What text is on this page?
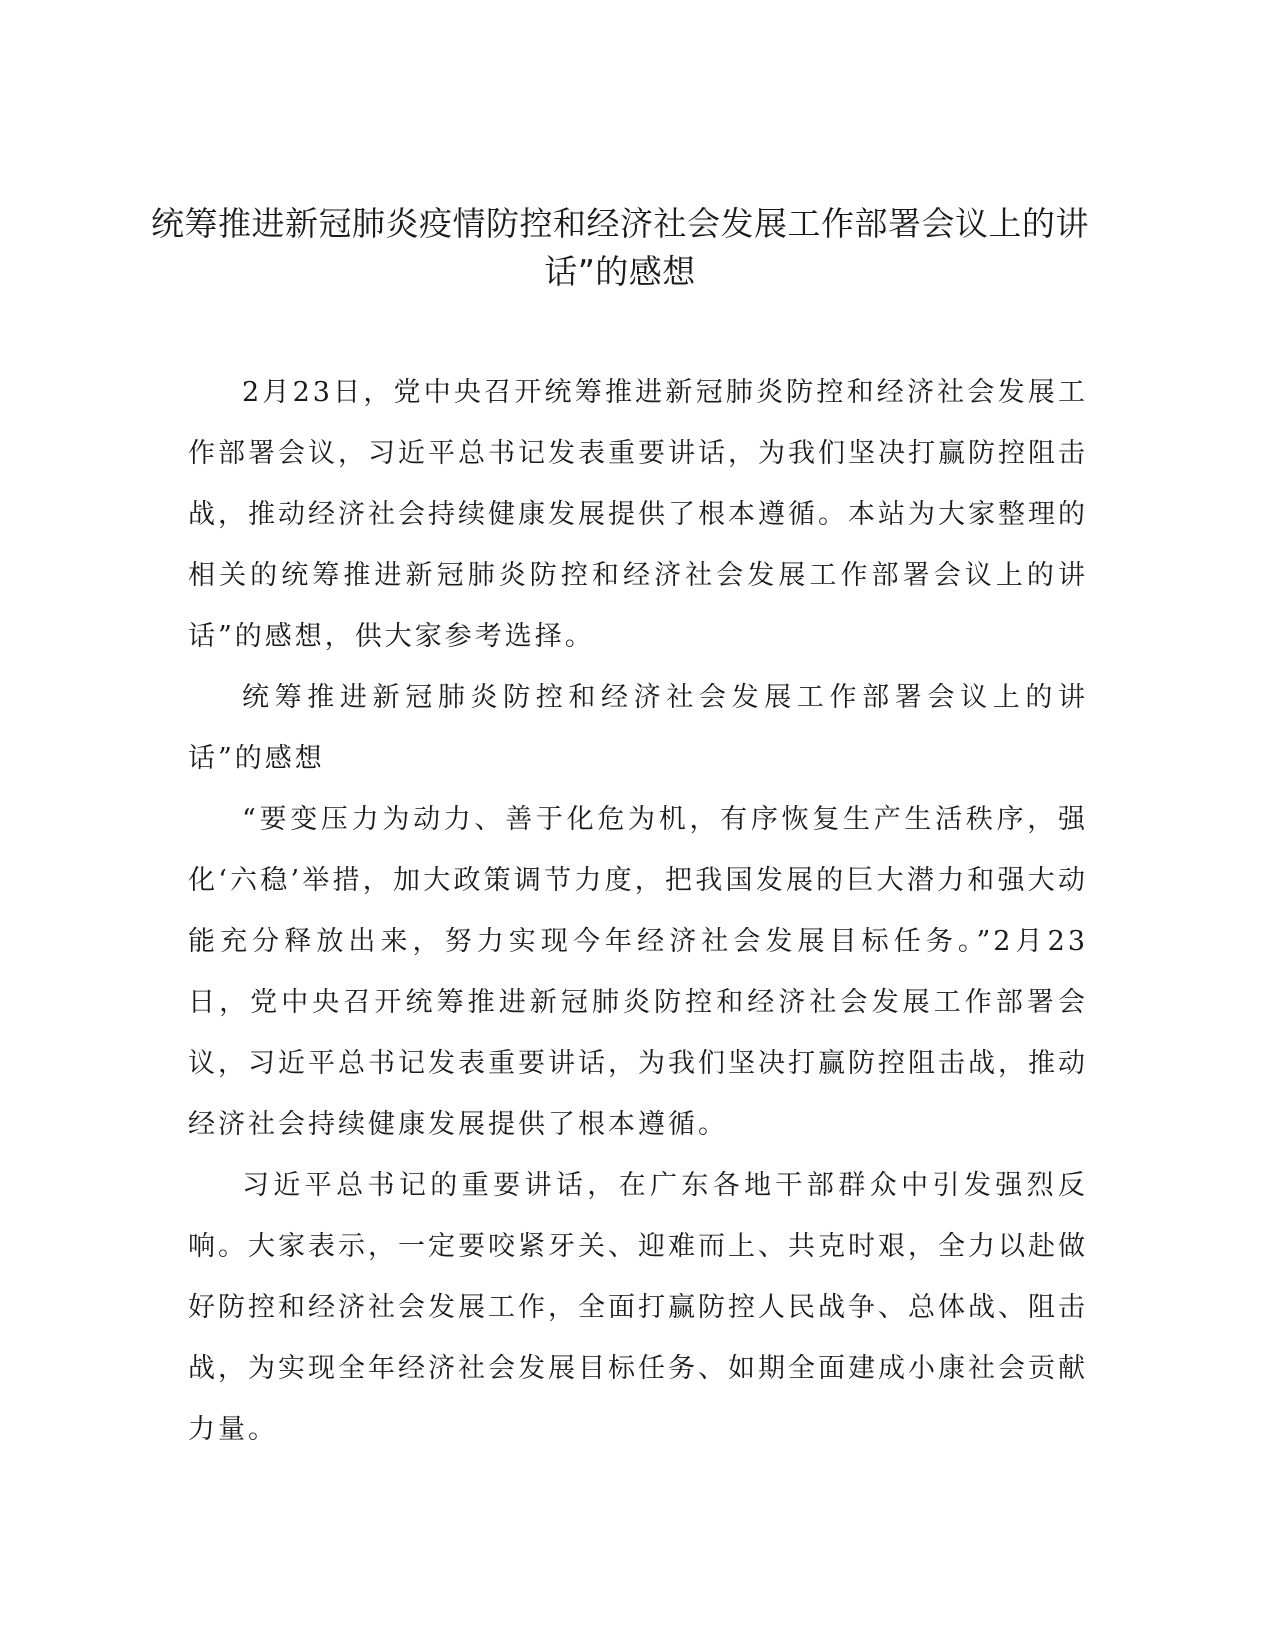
统筹推进新冠肺炎疫情防控和经济社会发展工作部署会议上的讲话”的感想

2月23日，党中央召开统筹推进新冠肺炎防控和经济社会发展工作部署会议，习近平总书记发表重要讲话，为我们坚决打赢防控阻击战，推动经济社会持续健康发展提供了根本遵循。本站为大家整理的相关的统筹推进新冠肺炎防控和经济社会发展工作部署会议上的讲话”的感想，供大家参考选择。

统筹推进新冠肺炎防控和经济社会发展工作部署会议上的讲话”的感想

“要变压力为动力、善于化危为机，有序恢复生产生活秩序，强化‘六稳’举措，加大政策调节力度，把我国发展的巨大潜力和强大动能充分释放出来，努力实现今年经济社会发展目标任务。”2月23日，党中央召开统筹推进新冠肺炎防控和经济社会发展工作部署会议，习近平总书记发表重要讲话，为我们坚决打赢防控阻击战，推动经济社会持续健康发展提供了根本遵循。

习近平总书记的重要讲话，在广东各地干部群众中引发强烈反响。大家表示，一定要咬紧牙关、迎难而上、共克时艰，全力以赴做好防控和经济社会发展工作，全面打赢防控人民战争、总体战、阻击战，为实现全年经济社会发展目标任务、如期全面建成小康社会贡献力量。
